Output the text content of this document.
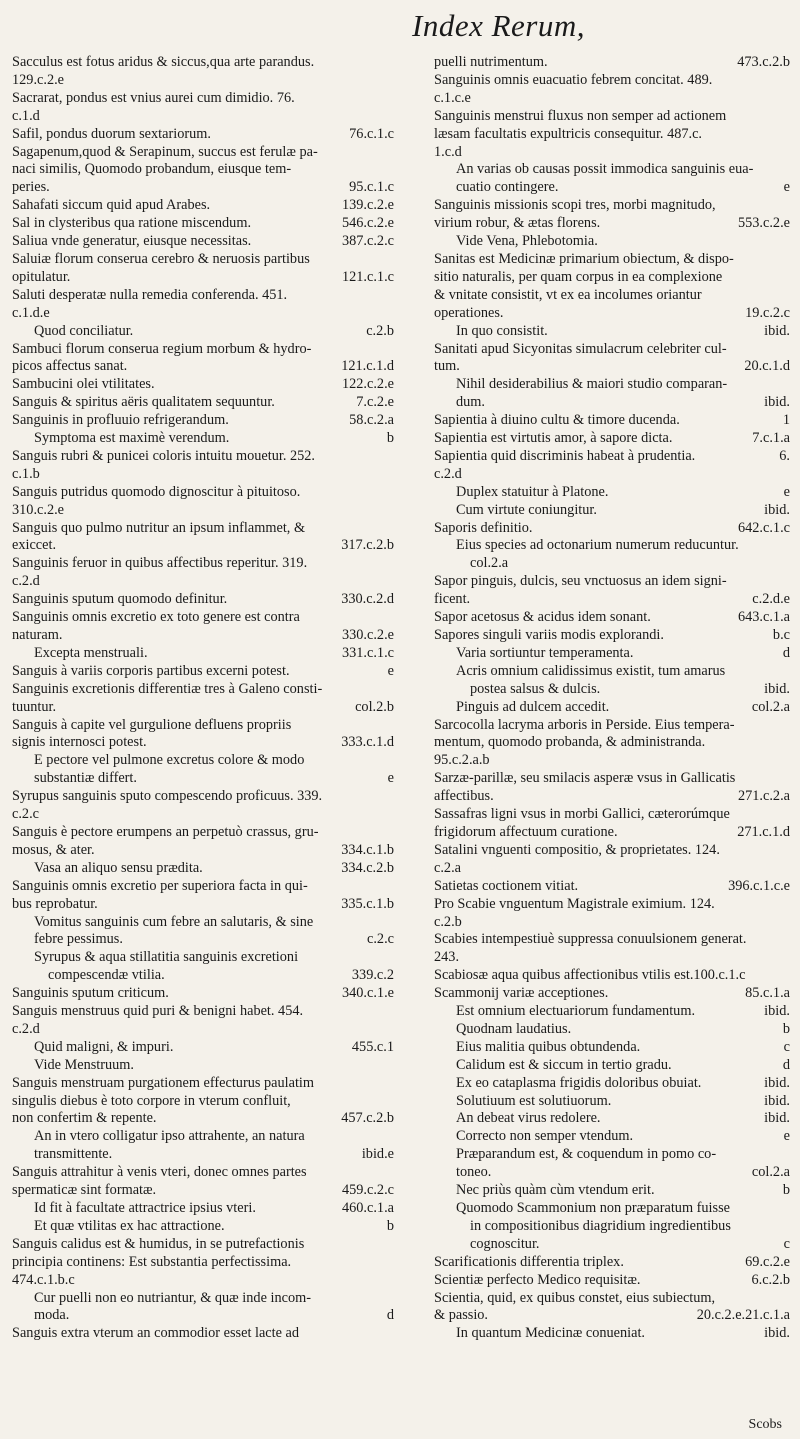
Index Rerum,
Sacculus est fotus aridus & siccus,qua arte parandus.
129.c.2.e
Sacrarat, pondus est vnius aurei cum dimidio. 76.
c.1.d
Safil, pondus duorum sextariorum.	76.c.1.c
Sagapenum,quod & Serapinum, succus est ferulæ pa-
naci similis, Quomodo probandum, eiusque tem-
peries.	95.c.1.c
Sahafati siccum quid apud Arabes.	139.c.2.e
Sal in clysteribus qua ratione miscendum.	546.c.2.e
Saliua vnde generatur, eiusque necessitas.	387.c.2.c
Saluiæ florum conserua cerebro & neruosis partibus
opitulatur.	121.c.1.c
Saluti desperatæ nulla remedia conferenda. 451.
c.1.d.e
Quod conciliatur.	c.2.b
Sambuci florum conserua regium morbum & hydro-
picos affectus sanat.	121.c.1.d
Sambucini olei vtilitates.	122.c.2.e
Sanguis & spiritus aëris qualitatem sequuntur.	7.c.2.e
Sanguinis in profluuio refrigerandum.	58.c.2.a
Symptoma est maximè verendum.	b
Sanguis rubri & punicei coloris intuitu mouetur. 252.
c.1.b
Sanguis putridus quomodo dignoscitur à pituitoso.
310.c.2.e
Sanguis quo pulmo nutritur an ipsum inflammet, &
exiccet.	317.c.2.b
Sanguinis feruor in quibus affectibus reperitur. 319.
c.2.d
Sanguinis sputum quomodo definitur.	330.c.2.d
Sanguinis omnis excretio ex toto genere est contra
naturam.	330.c.2.e
Excepta menstruali.	331.c.1.c
Sanguis à variis corporis partibus excerni potest.	e
Sanguinis excretionis differentiæ tres à Galeno consti-
tuuntur.	col.2.b
Sanguis à capite vel gurgulione defluens propriis
signis internosci potest.	333.c.1.d
E pectore vel pulmone excretus colore & modo
substantiæ differt.	e
Syrupus sanguinis sputo compescendo proficuus. 339.
c.2.c
Sanguis è pectore erumpens an perpetuò crassus, gru-
mosus, & ater.	334.c.1.b
Vasa an aliquo sensu prædita.	334.c.2.b
Sanguinis omnis excretio per superiora facta in qui-
bus reprobatur.	335.c.1.b
Vomitus sanguinis cum febre an salutaris, & sine
febre pessimus.	c.2.c
Syrupus & aqua stillatitia sanguinis excretioni
compescendæ vtilia.	339.c.2
Sanguinis sputum criticum.	340.c.1.e
Sanguis menstruus quid puri & benigni habet. 454.
c.2.d
Quid maligni, & impuri.	455.c.1
Vide Menstruum.
Sanguis menstruam purgationem effecturus paulatim
singulis diebus è toto corpore in vterum confluit,
non confertim & repente.	457.c.2.b
An in vtero colligatur ipso attrahente, an natura
transmittente.	ibid.e
Sanguis attrahitur à venis vteri, donec omnes partes
spermaticæ sint formatæ.	459.c.2.c
Id fit à facultate attractrice ipsius vteri.	460.c.1.a
Et quæ vtilitas ex hac attractione.	b
Sanguis calidus est & humidus, in se putrefactionis
principia continens: Est substantia perfectissima.
474.c.1.b.c
Cur puelli non eo nutriantur, & quæ inde incom-
moda.	d
Sanguis extra vterum an commodior esset lacte ad
puelli nutrimentum.	473.c.2.b
Sanguinis omnis euacuatio febrem concitat. 489.
c.1.c.e
Sanguinis menstrui fluxus non semper ad actionem
læsam facultatis expultricis consequitur. 487.c.
1.c.d
An varias ob causas possit immodica sanguinis eua-
cuatio contingere.	e
Sanguinis missionis scopi tres, morbi magnitudo,
virium robur, & ætas florens.	553.c.2.e
Vide Vena, Phlebotomia.
Sanitas est Medicinæ primarium obiectum, & dispo-
sitio naturalis, per quam corpus in ea complexione
& vnitate consistit, vt ex ea incolumes oriantur
operationes.	19.c.2.c
In quo consistit.	ibid.
Sanitati apud Sicyonitas simulacrum celebriter cul-
tum.	20.c.1.d
Nihil desiderabilius & maiori studio comparan-
dum.	ibid.
Sapientia à diuino cultu & timore ducenda.	1
Sapientia est virtutis amor, à sapore dicta.	7.c.1.a
Sapientia quid discriminis habeat à prudentia.	6.
c.2.d
Duplex statuitur à Platone.	e
Cum virtute coniungitur.	ibid.
Saporis definitio.	642.c.1.c
Eius species ad octonarium numerum reducuntur.
col.2.a
Sapor pinguis, dulcis, seu vnctuosus an idem signi-
ficent.	c.2.d.e
Sapor acetosus & acidus idem sonant.	643.c.1.a
Sapores singuli variis modis explorandi.	b.c
Varia sortiuntur temperamenta.	d
Acris omnium calidissimus existit, tum amarus
postea salsus & dulcis.	ibid.
Pinguis ad dulcem accedit.	col.2.a
Sarcocolla lacryma arboris in Perside. Eius tempera-
mentum, quomodo probanda, & administranda.
95.c.2.a.b
Sarzæ-parillæ, seu smilacis asperæ vsus in Gallicatis
affectibus.	271.c.2.a
Sassafras ligni vsus in morbi Gallici, cæterorúmque
frigidorum affectuum curatione.	271.c.1.d
Satalini vnguenti compositio, & proprietates. 124.
c.2.a
Satietas coctionem vitiat.	396.c.1.c.e
Pro Scabie vnguentum Magistrale eximium. 124.
c.2.b
Scabies intempestiuè suppressa conuulsionem generat.
243.
Scabiosæ aqua quibus affectionibus vtilis est.100.c.1.c
Scammonij variæ acceptiones.	85.c.1.a
Est omnium eleсtuariorum fundamentum.	ibid.
Quodnam laudatius.	b
Eius malitia quibus obtundenda.	c
Calidum est & siccum in tertio gradu.	d
Ex eo cataplasma frigidis doloribus obuiat.	ibid.
Solutiuum est solutiuorum.	ibid.
An debeat virus redolere.	ibid.
Correcto non semper vtendum.	e
Præparandum est, & coquendum in pomo co-
toneo.	col.2.a
Nec priùs quàm cùm vtendum erit.	b
Quomodo Scammonium non præparatum fuisse
in compositionibus diagridium ingredientibus
cognoscitur.	c
Scarificationis differentia triplex.	69.c.2.e
Scientiæ perfecto Medico requisitæ.	6.c.2.b
Scientia, quid, ex quibus constet, eius subiectum,
& passio.	20.c.2.e.21.c.1.a
In quantum Medicinæ conueniat.	ibid.
Scobs
